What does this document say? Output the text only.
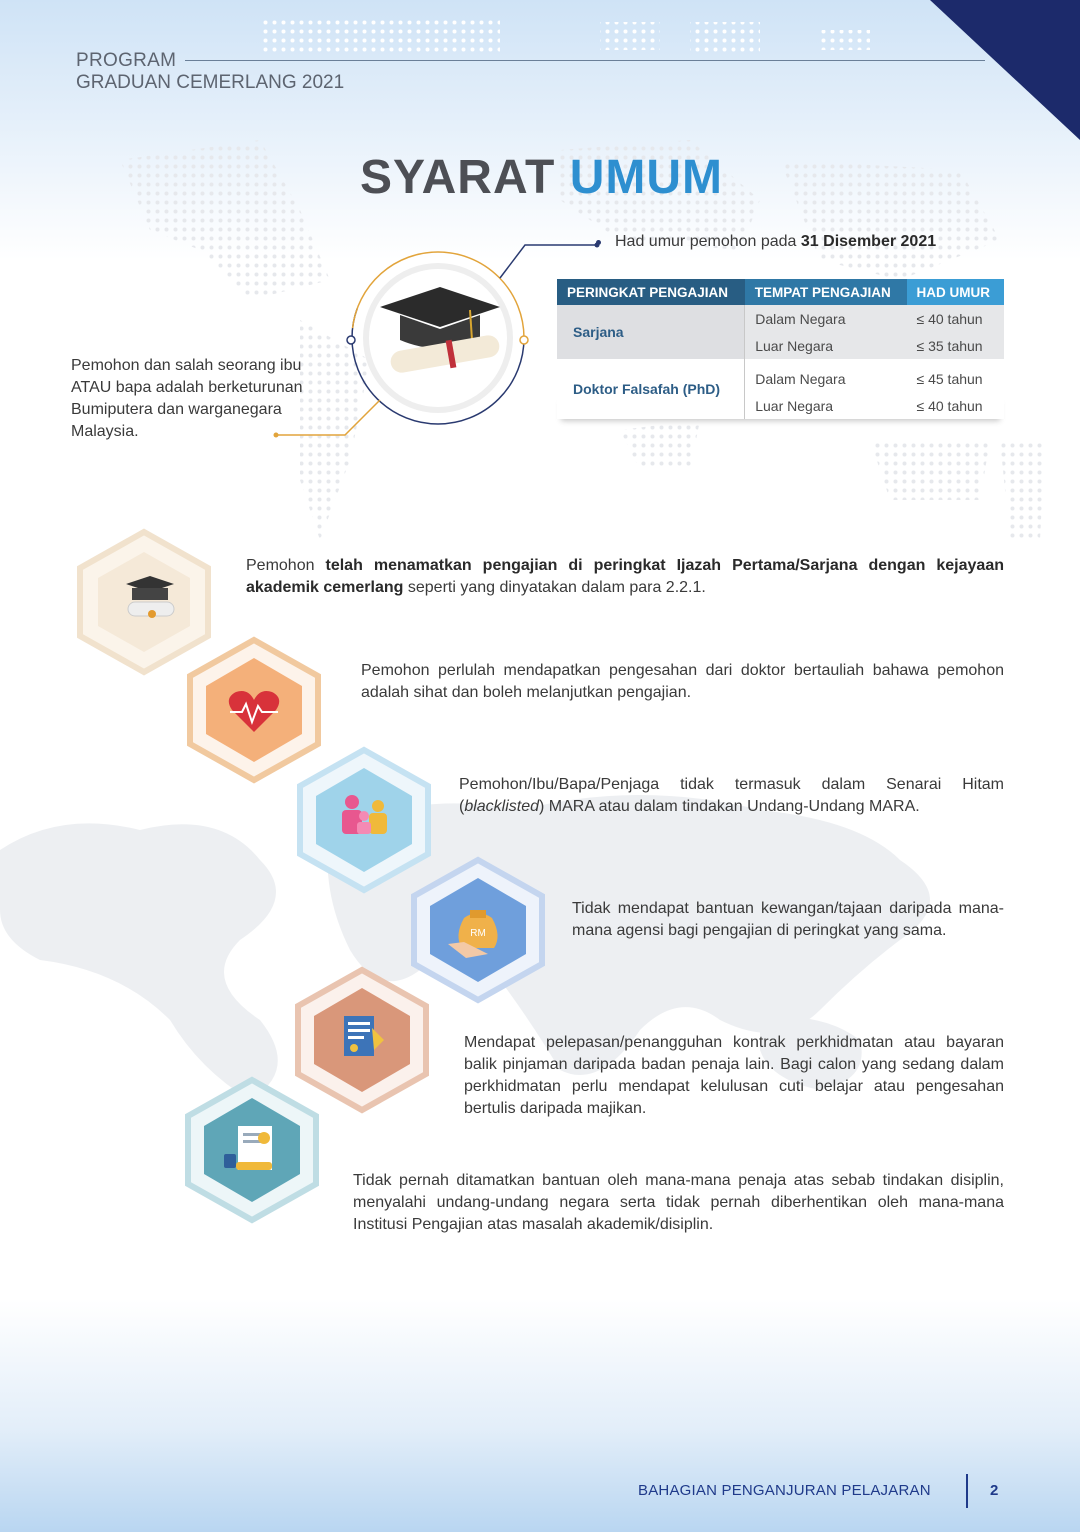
PROGRAM
GRADUAN CEMERLANG 2021
SYARAT UMUM
Had umur pemohon pada 31 Disember 2021
PERINGKAT PENGAJIAN	TEMPAT PENGAJIAN	HAD UMUR
Sarjana	Dalam Negara	≤ 40 tahun
	Luar Negara	≤ 35 tahun
Doktor Falsafah (PhD)	Dalam Negara	≤ 45 tahun
	Luar Negara	≤ 40 tahun
Pemohon dan salah seorang ibu ATAU bapa adalah berketurunan Bumiputera dan warganegara Malaysia.
Pemohon telah menamatkan pengajian di peringkat Ijazah Pertama/Sarjana dengan kejayaan akademik cemerlang seperti yang dinyatakan dalam para 2.2.1.
Pemohon perlulah mendapatkan pengesahan dari doktor bertauliah bahawa pemohon adalah sihat dan boleh melanjutkan pengajian.
Pemohon/Ibu/Bapa/Penjaga tidak termasuk dalam Senarai Hitam (blacklisted) MARA atau dalam tindakan Undang-Undang MARA.
RM
Tidak mendapat bantuan kewangan/tajaan daripada mana-mana agensi bagi pengajian di peringkat yang sama.
Mendapat pelepasan/penangguhan kontrak perkhidmatan atau bayaran balik pinjaman daripada badan penaja lain. Bagi calon yang sedang dalam perkhidmatan perlu mendapat kelulusan cuti belajar atau pengesahan bertulis daripada majikan.
Tidak pernah ditamatkan bantuan oleh mana-mana penaja atas sebab tindakan disiplin, menyalahi undang-undang negara serta tidak pernah diberhentikan oleh mana-mana Institusi Pengajian atas masalah akademik/disiplin.
BAHAGIAN PENGANJURAN PELAJARAN	2
